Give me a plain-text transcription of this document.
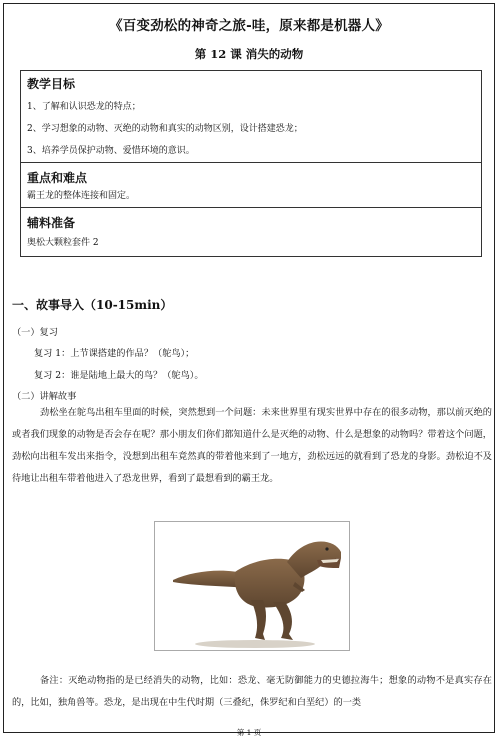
《百变劲松的神奇之旅-哇，原来都是机器人》
第 12 课 消失的动物
教学目标
1、了解和认识恐龙的特点；
2、学习想象的动物、灭绝的动物和真实的动物区别，设计搭建恐龙；
3、培养学员保护动物、爱惜环境的意识。
重点和难点
霸王龙的整体连接和固定。
辅料准备
奥松大颗粒套件 2
一、故事导入（10-15min）
（一）复习
复习 1：上节课搭建的作品？（鸵鸟）；
复习 2：谁是陆地上最大的鸟？（鸵鸟）。
（二）讲解故事
劲松坐在鸵鸟出租车里面的时候，突然想到一个问题：未来世界里有现实世界中存在的很多动物，那以前灭绝的或者我们现象的动物是否会存在呢？那小朋友们你们都知道什么是灭绝的动物、什么是想象的动物吗？带着这个问题，劲松向出租车发出来指令，没想到出租车竟然真的带着他来到了一地方，劲松远远的就看到了恐龙的身影。劲松迫不及待地让出租车带着他进入了恐龙世界，看到了最想看到的霸王龙。
备注：灭绝动物指的是已经消失的动物，比如：恐龙、毫无防御能力的史德拉海牛；想象的动物不是真实存在的，比如，独角兽等。恐龙，是出现在中生代时期（三叠纪，侏罗纪和白垩纪）的一类
第 1 页
